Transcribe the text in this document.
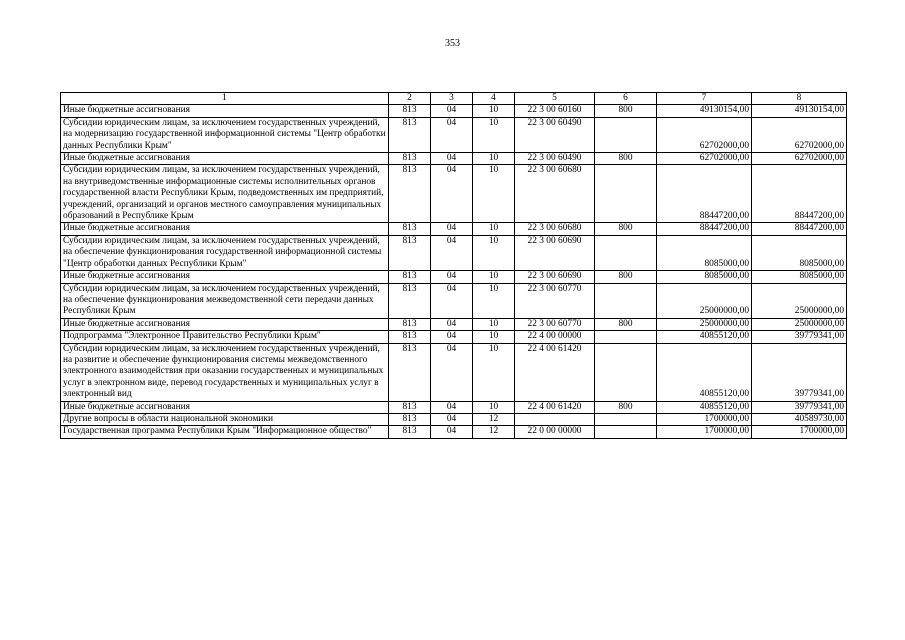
353
1	2	3	4	5	6	7	8
Иные бюджетные ассигнования	813	04	10	22 3 00 60160	800	49130154,00	49130154,00
Субсидии юридическим лицам, за исключением государственных учреждений, на модернизацию государственной информационной системы "Центр обработки данных Республики Крым"	813	04	10	22 3 00 60490		62702000,00	62702000,00
Иные бюджетные ассигнования	813	04	10	22 3 00 60490	800	62702000,00	62702000,00
Субсидии юридическим лицам, за исключением государственных учреждений, на внутриведомственные информационные системы исполнительных органов государственной власти Республики Крым, подведомственных им предприятий, учреждений, организаций и органов местного самоуправления муниципальных образований в Республике Крым	813	04	10	22 3 00 60680		88447200,00	88447200,00
Иные бюджетные ассигнования	813	04	10	22 3 00 60680	800	88447200,00	88447200,00
Субсидии юридическим лицам, за исключением государственных учреждений, на обеспечение функционирования государственной информационной системы "Центр обработки данных Республики Крым"	813	04	10	22 3 00 60690		8085000,00	8085000,00
Иные бюджетные ассигнования	813	04	10	22 3 00 60690	800	8085000,00	8085000,00
Субсидии юридическим лицам, за исключением государственных учреждений, на обеспечение функционирования межведомственной сети передачи данных Республики Крым	813	04	10	22 3 00 60770		25000000,00	25000000,00
Иные бюджетные ассигнования	813	04	10	22 3 00 60770	800	25000000,00	25000000,00
Подпрограмма "Электронное Правительство Республики Крым"	813	04	10	22 4 00 00000		40855120,00	39779341,00
Субсидии юридическим лицам, за исключением государственных учреждений, на развитие и обеспечение функционирования системы межведомственного электронного взаимодействия при оказании государственных и муниципальных услуг в электронном виде, перевод государственных и муниципальных услуг в электронный вид	813	04	10	22 4 00 61420		40855120,00	39779341,00
Иные бюджетные ассигнования	813	04	10	22 4 00 61420	800	40855120,00	39779341,00
Другие вопросы в области национальной экономики	813	04	12			1700000,00	40589730,00
Государственная программа Республики Крым "Информационное общество"	813	04	12	22 0 00 00000		1700000,00	1700000,00
